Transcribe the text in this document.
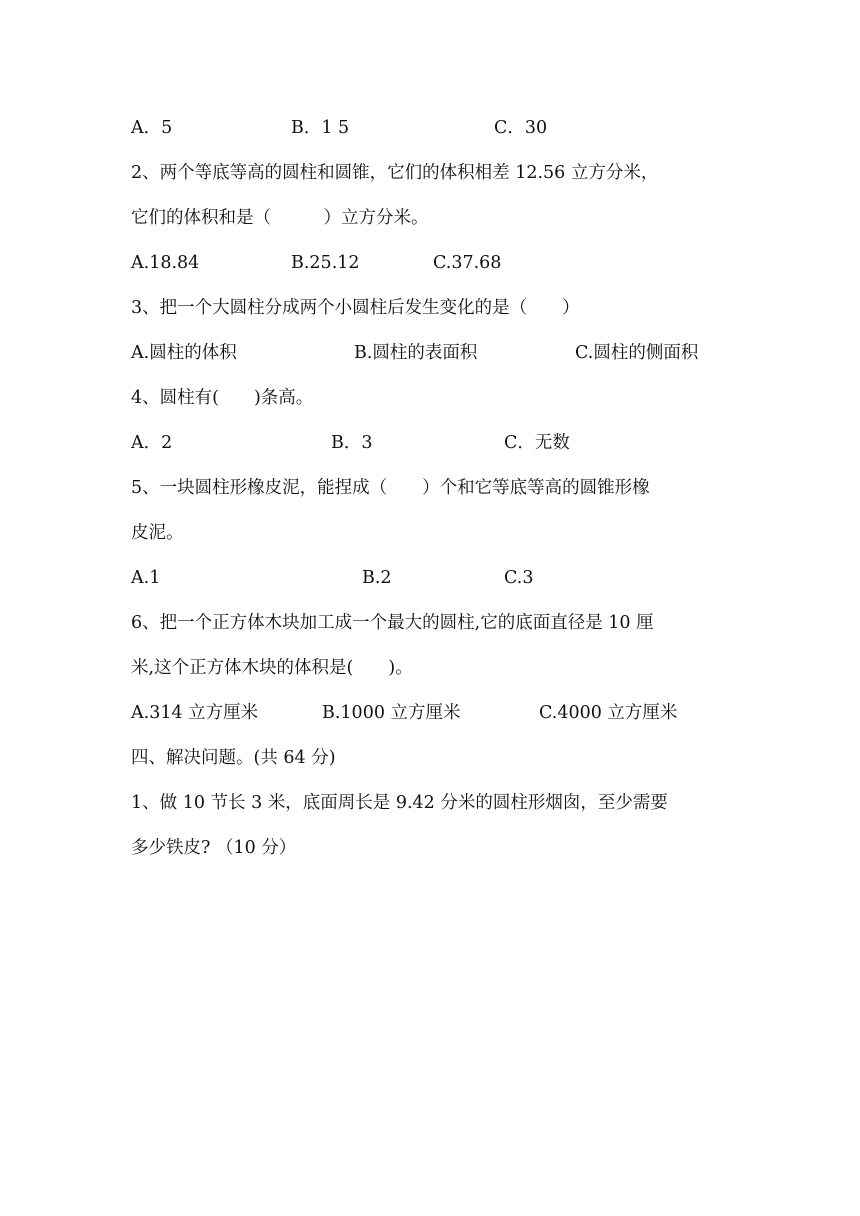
A．5	B．1 5	C．30
2、两个等底等高的圆柱和圆锥，它们的体积相差 12.56 立方分米，
它们的体积和是（　　　）立方分米。
A.18.84	B.25.12	C.37.68
3、把一个大圆柱分成两个小圆柱后发生变化的是（　　）
A.圆柱的体积	B.圆柱的表面积	C.圆柱的侧面积
4、圆柱有(　　)条高。
A．2	B．3	C．无数
5、一块圆柱形橡皮泥，能捏成（　　）个和它等底等高的圆锥形橡
皮泥。
A.1	B.2	C.3
6、把一个正方体木块加工成一个最大的圆柱,它的底面直径是 10 厘
米,这个正方体木块的体积是(　　)。
A.314 立方厘米	B.1000 立方厘米	C.4000 立方厘米
四、解决问题。(共 64 分)
1、做 10 节长 3 米，底面周长是 9.42 分米的圆柱形烟囱，至少需要
多少铁皮? （10 分）
